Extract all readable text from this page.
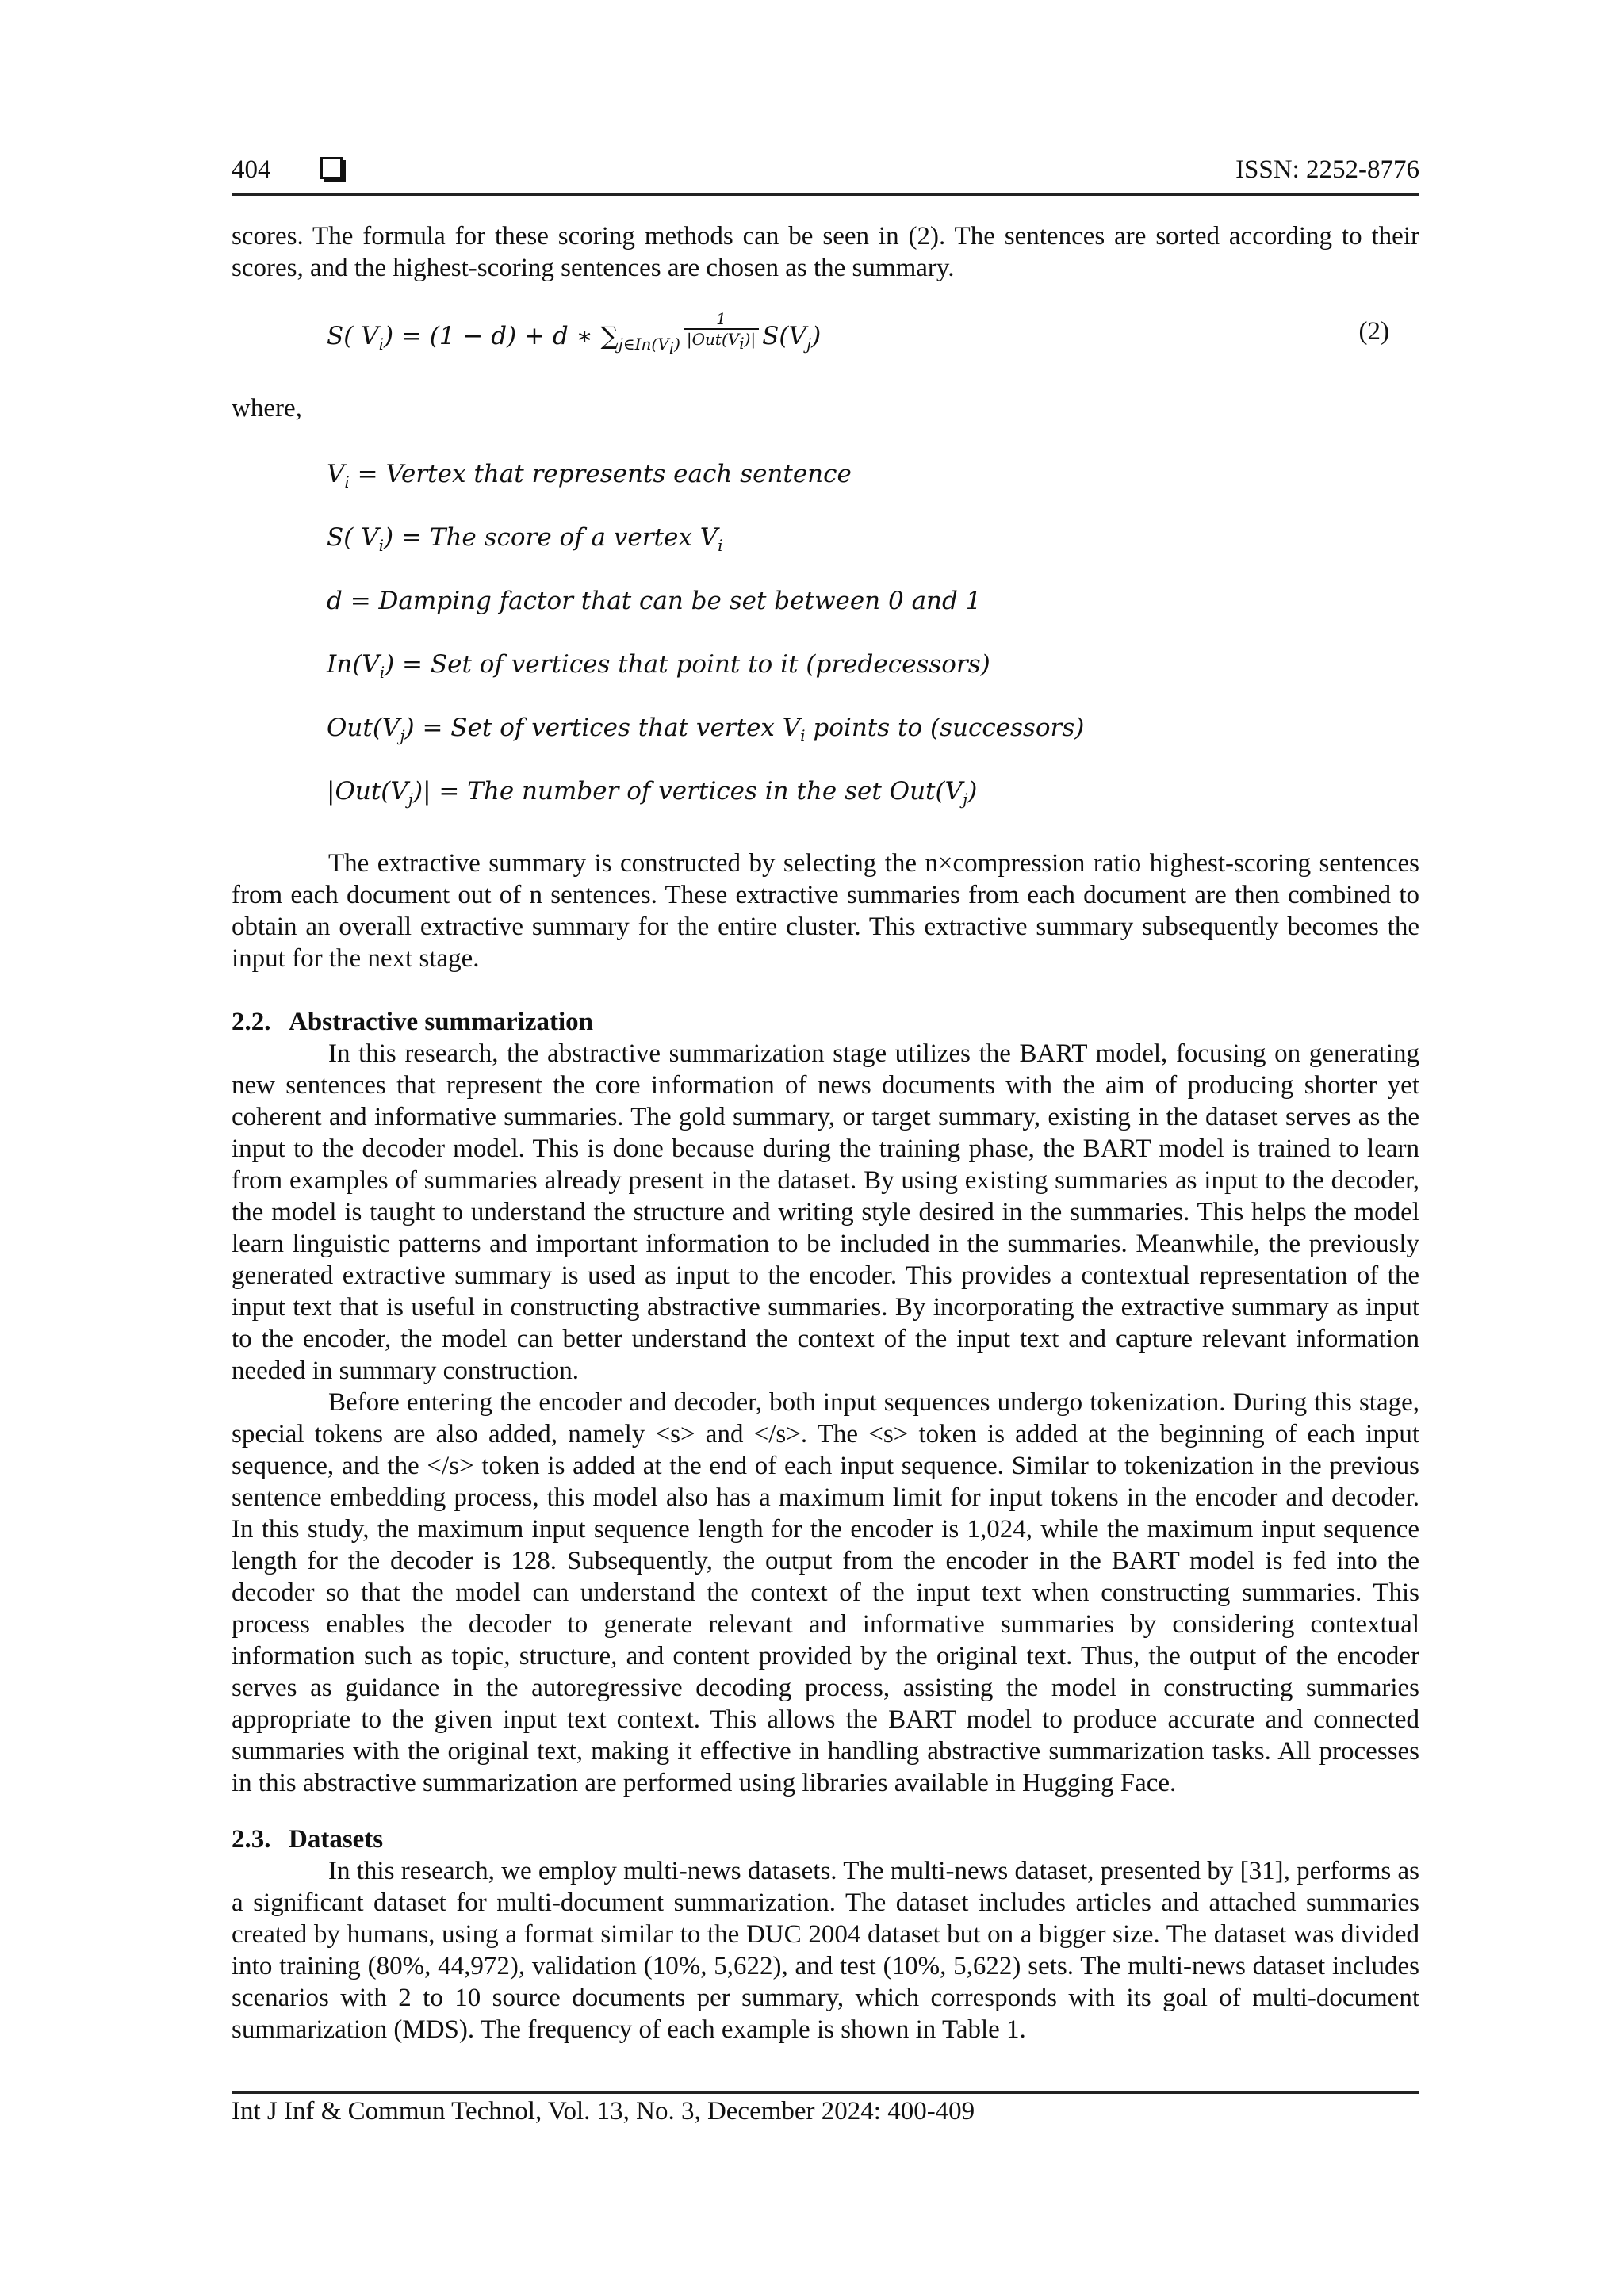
404	ISSN: 2252-8776

scores. The formula for these scoring methods can be seen in (2). The sentences are sorted according to their scores, and the highest-scoring sentences are chosen as the summary.

S( $V_i) = (1 - d) + d$ ∗ $\sum_{j\in In(V_i)} \frac{1}{|Out(V_i)|} S(V_j)$	(2)
where,
$V_i$ = Vertex that represents each sentence
S( $V_i$) = The score of a vertex $V_i$
d = Damping factor that can be set between 0 and 1
$In(V_i)$ = Set of vertices that point to it (predecessors)
$Out(V_j)$ = Set of vertices that vertex $V_i$ points to (successors)
$|Out(V_j)|$ = The number of vertices in the set $Out(V_j)$

The extractive summary is constructed by selecting the n×compression ratio highest-scoring sentences from each document out of n sentences. These extractive summaries from each document are then combined to obtain an overall extractive summary for the entire cluster. This extractive summary subsequently becomes the input for the next stage.

2.2. Abstractive summarization

In this research, the abstractive summarization stage utilizes the BART model, focusing on generating new sentences that represent the core information of news documents with the aim of producing shorter yet coherent and informative summaries. The gold summary, or target summary, existing in the dataset serves as the input to the decoder model. This is done because during the training phase, the BART model is trained to learn from examples of summaries already present in the dataset. By using existing summaries as input to the decoder, the model is taught to understand the structure and writing style desired in the summaries. This helps the model learn linguistic patterns and important information to be included in the summaries. Meanwhile, the previously generated extractive summary is used as input to the encoder. This provides a contextual representation of the input text that is useful in constructing abstractive summaries. By incorporating the extractive summary as input to the encoder, the model can better understand the context of the input text and capture relevant information needed in summary construction.

Before entering the encoder and decoder, both input sequences undergo tokenization. During this stage, special tokens are also added, namely <s> and </s>. The <s> token is added at the beginning of each input sequence, and the </s> token is added at the end of each input sequence. Similar to tokenization in the previous sentence embedding process, this model also has a maximum limit for input tokens in the encoder and decoder. In this study, the maximum input sequence length for the encoder is 1,024, while the maximum input sequence length for the decoder is 128. Subsequently, the output from the encoder in the BART model is fed into the decoder so that the model can understand the context of the input text when constructing summaries. This process enables the decoder to generate relevant and informative summaries by considering contextual information such as topic, structure, and content provided by the original text. Thus, the output of the encoder serves as guidance in the autoregressive decoding process, assisting the model in constructing summaries appropriate to the given input text context. This allows the BART model to produce accurate and connected summaries with the original text, making it effective in handling abstractive summarization tasks. All processes in this abstractive summarization are performed using libraries available in Hugging Face.

2.3. Datasets

In this research, we employ multi-news datasets. The multi-news dataset, presented by [31], performs as a significant dataset for multi-document summarization. The dataset includes articles and attached summaries created by humans, using a format similar to the DUC 2004 dataset but on a bigger size. The dataset was divided into training (80%, 44,972), validation (10%, 5,622), and test (10%, 5,622) sets. The multi-news dataset includes scenarios with 2 to 10 source documents per summary, which corresponds with its goal of multi-document summarization (MDS). The frequency of each example is shown in Table 1.

Int J Inf & Commun Technol, Vol. 13, No. 3, December 2024: 400-409
